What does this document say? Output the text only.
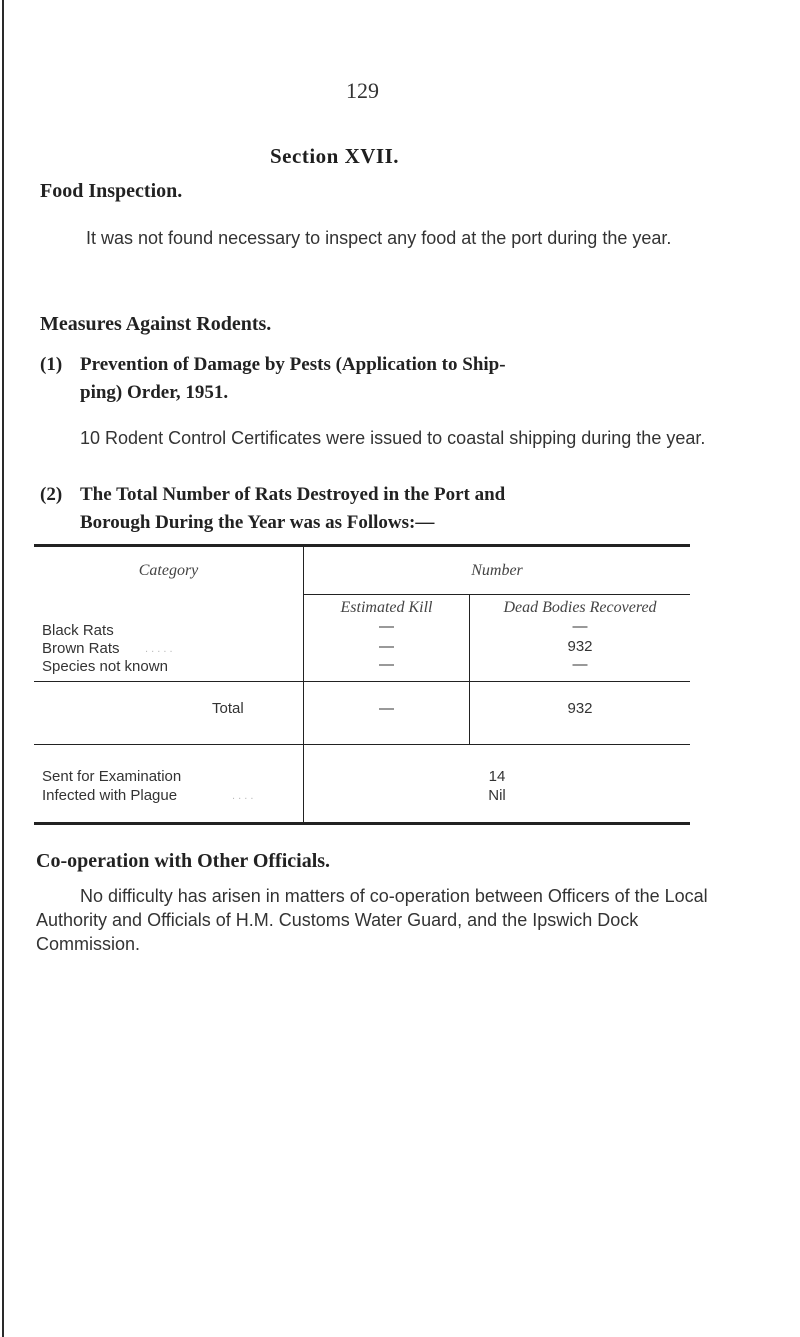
129
Section XVII.
Food Inspection.
It was not found necessary to inspect any food at the port during the year.
Measures Against Rodents.
(1) Prevention of Damage by Pests (Application to Ship-
ping) Order, 1951.
10 Rodent Control Certificates were issued to coastal shipping during the year.
(2) The Total Number of Rats Destroyed in the Port and
Borough During the Year was as Follows:—
Category	Number
Estimated Kill	Dead Bodies Recovered
Black Rats	—	—
Brown Rats . . . . .	—	932
Species not known	—	—
Total	—	932
Sent for Examination	14
Infected with Plague	. . . .	Nil
Co-operation with Other Officials.
No difficulty has arisen in matters of co-operation between Officers of the Local Authority and Officials of H.M. Customs Water Guard, and the Ipswich Dock Commission.
